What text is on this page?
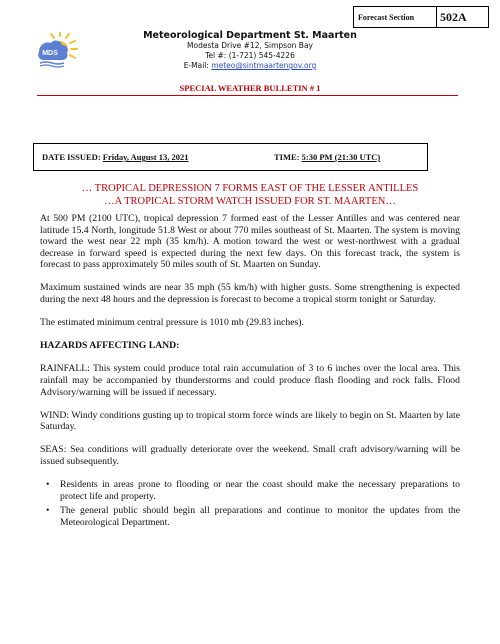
Forecast Section	502A
MDS
Meteorological Department St. Maarten
Modesta Drive #12, Simpson Bay
Tel #: (1-721) 545-4226
E-Mail: meteo@sintmaartengov.org
SPECIAL WEATHER BULLETIN # 1
DATE ISSUED: Friday, August 13, 2021	TIME: 5:30 PM (21:30 UTC)
… TROPICAL DEPRESSION 7 FORMS EAST OF THE LESSER ANTILLES
…A TROPICAL STORM WATCH ISSUED FOR ST. MAARTEN…

At 500 PM (2100 UTC), tropical depression 7 formed east of the Lesser Antilles and was centered near latitude 15.4 North, longitude 51.8 West or about 770 miles southeast of St. Maarten. The system is moving toward the west near 22 mph (35 km/h). A motion toward the west or west-northwest with a gradual decrease in forward speed is expected during the next few days. On this forecast track, the system is forecast to pass approximately 50 miles south of St. Maarten on Sunday.

Maximum sustained winds are near 35 mph (55 km/h) with higher gusts. Some strengthening is expected during the next 48 hours and the depression is forecast to become a tropical storm tonight or Saturday.

The estimated minimum central pressure is 1010 mb (29.83 inches).

HAZARDS AFFECTING LAND:

RAINFALL: This system could produce total rain accumulation of 3 to 6 inches over the local area. This rainfall may be accompanied by thunderstorms and could produce flash flooding and rock falls. Flood Advisory/warning will be issued if necessary.

WIND: Windy conditions gusting up to tropical storm force winds are likely to begin on St. Maarten by late Saturday.

SEAS: Sea conditions will gradually deteriorate over the weekend. Small craft advisory/warning will be issued subsequently.

• Residents in areas prone to flooding or near the coast should make the necessary preparations to protect life and property.
• The general public should begin all preparations and continue to monitor the updates from the Meteorological Department.
